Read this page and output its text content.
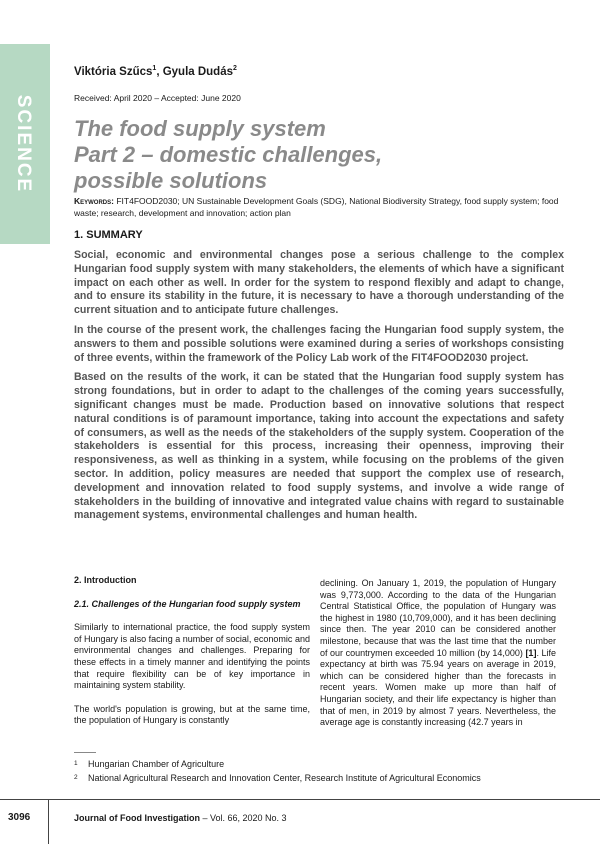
SCIENCE
Viktória Szűcs$^1$, Gyula Dudás$^2$
Received: April 2020 – Accepted: June 2020
The food supply system
Part 2 – domestic challenges,
possible solutions
Keywords: FIT4FOOD2030; UN Sustainable Development Goals (SDG), National Biodiversity Strategy, food supply system; food waste; research, development and innovation; action plan
1. SUMMARY

Social, economic and environmental changes pose a serious challenge to the complex Hungarian food supply system with many stakeholders, the elements of which have a significant impact on each other as well. In order for the system to respond flexibly and adapt to change, and to ensure its stability in the future, it is necessary to have a thorough understanding of the current situation and to anticipate future challenges.

In the course of the present work, the challenges facing the Hungarian food supply system, the answers to them and possible solutions were examined during a series of workshops consisting of three events, within the framework of the Policy Lab work of the FIT4FOOD2030 project.

Based on the results of the work, it can be stated that the Hungarian food supply system has strong foundations, but in order to adapt to the challenges of the coming years successfully, significant changes must be made. Production based on innovative solutions that respect natural conditions is of paramount importance, taking into account the expectations and safety of consumers, as well as the needs of the stakeholders of the supply system. Cooperation of the stakeholders is essential for this process, increasing their openness, improving their responsiveness, as well as thinking in a system, while focusing on the problems of the given sector. In addition, policy measures are needed that support the complex use of research, development and innovation related to food supply systems, and involve a wide range of stakeholders in the building of innovative and integrated value chains with regard to sustainable management systems, environmental challenges and human health.

2. Introduction
2.1. Challenges of the Hungarian food supply system

Similarly to international practice, the food supply system of Hungary is also facing a number of social, economic and environmental changes and challenges. Preparing for these effects in a timely manner and identifying the points that require flexibility can be of key importance in maintaining system stability.

The world's population is growing, but at the same time, the population of Hungary is constantly

declining. On January 1, 2019, the population of Hungary was 9,773,000. According to the data of the Hungarian Central Statistical Office, the population of Hungary was the highest in 1980 (10,709,000), and it has been declining since then. The year 2010 can be considered another milestone, because that was the last time that the number of our countrymen exceeded 10 million (by 14,000) [1]. Life expectancy at birth was 75.94 years on average in 2019, which can be considered higher than the forecasts in recent years. Women make up more than half of Hungarian society, and their life expectancy is higher than that of men, in 2019 by almost 7 years. Nevertheless, the average age is constantly increasing (42.7 years in

1 Hungarian Chamber of Agriculture
2 National Agricultural Research and Innovation Center, Research Institute of Agricultural Economics
3096	Journal of Food Investigation – Vol. 66, 2020 No. 3
